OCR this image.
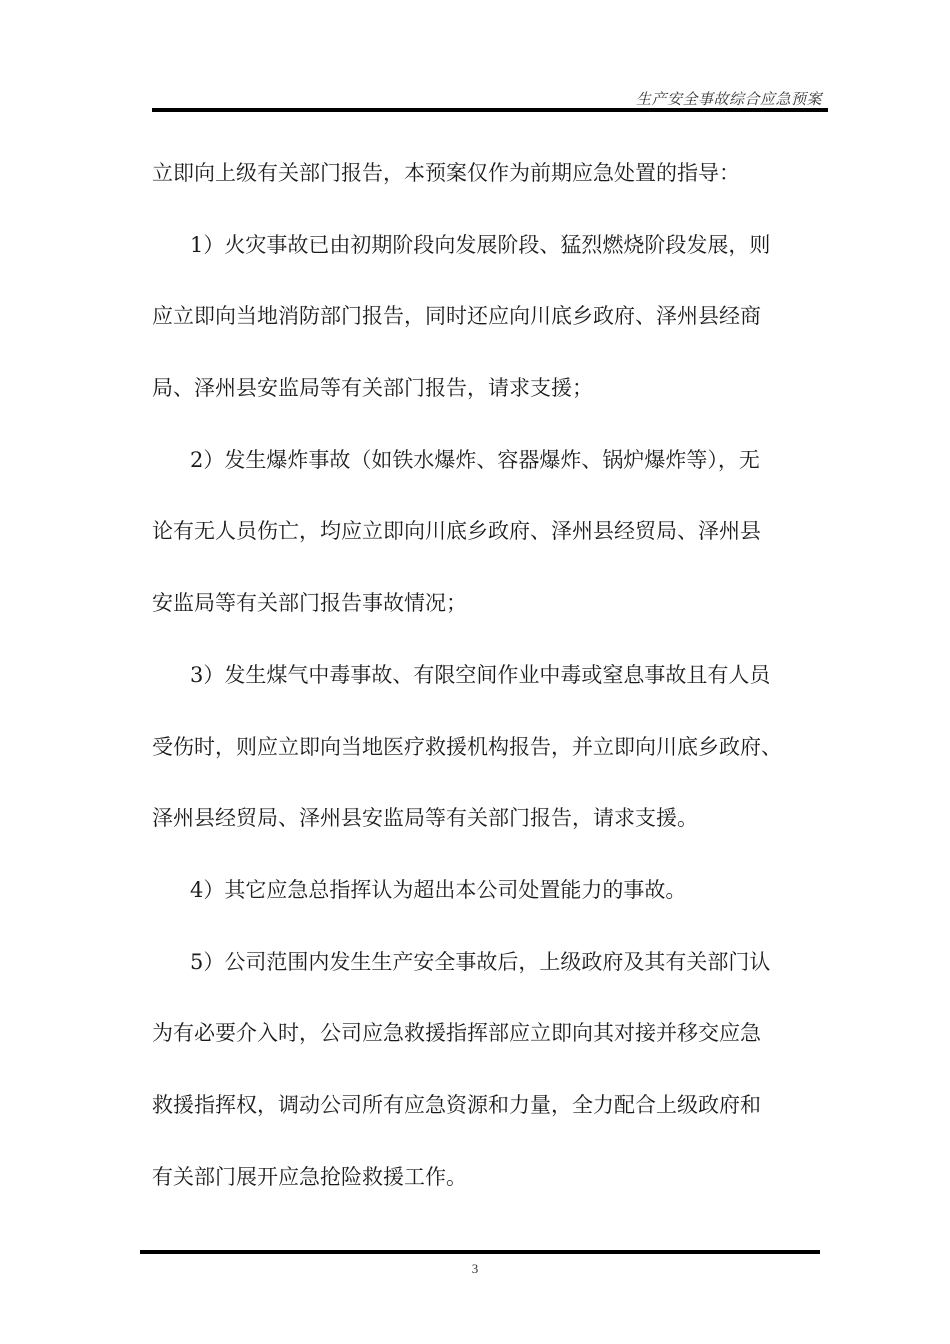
生产安全事故综合应急预案
立即向上级有关部门报告，本预案仅作为前期应急处置的指导：
1）火灾事故已由初期阶段向发展阶段、猛烈燃烧阶段发展，则
应立即向当地消防部门报告，同时还应向川底乡政府、泽州县经商
局、泽州县安监局等有关部门报告，请求支援；
2）发生爆炸事故（如铁水爆炸、容器爆炸、锅炉爆炸等），无
论有无人员伤亡，均应立即向川底乡政府、泽州县经贸局、泽州县
安监局等有关部门报告事故情况；
3）发生煤气中毒事故、有限空间作业中毒或窒息事故且有人员
受伤时，则应立即向当地医疗救援机构报告，并立即向川底乡政府、
泽州县经贸局、泽州县安监局等有关部门报告，请求支援。
4）其它应急总指挥认为超出本公司处置能力的事故。
5）公司范围内发生生产安全事故后，上级政府及其有关部门认
为有必要介入时，公司应急救援指挥部应立即向其对接并移交应急
救援指挥权，调动公司所有应急资源和力量，全力配合上级政府和
有关部门展开应急抢险救援工作。
3
